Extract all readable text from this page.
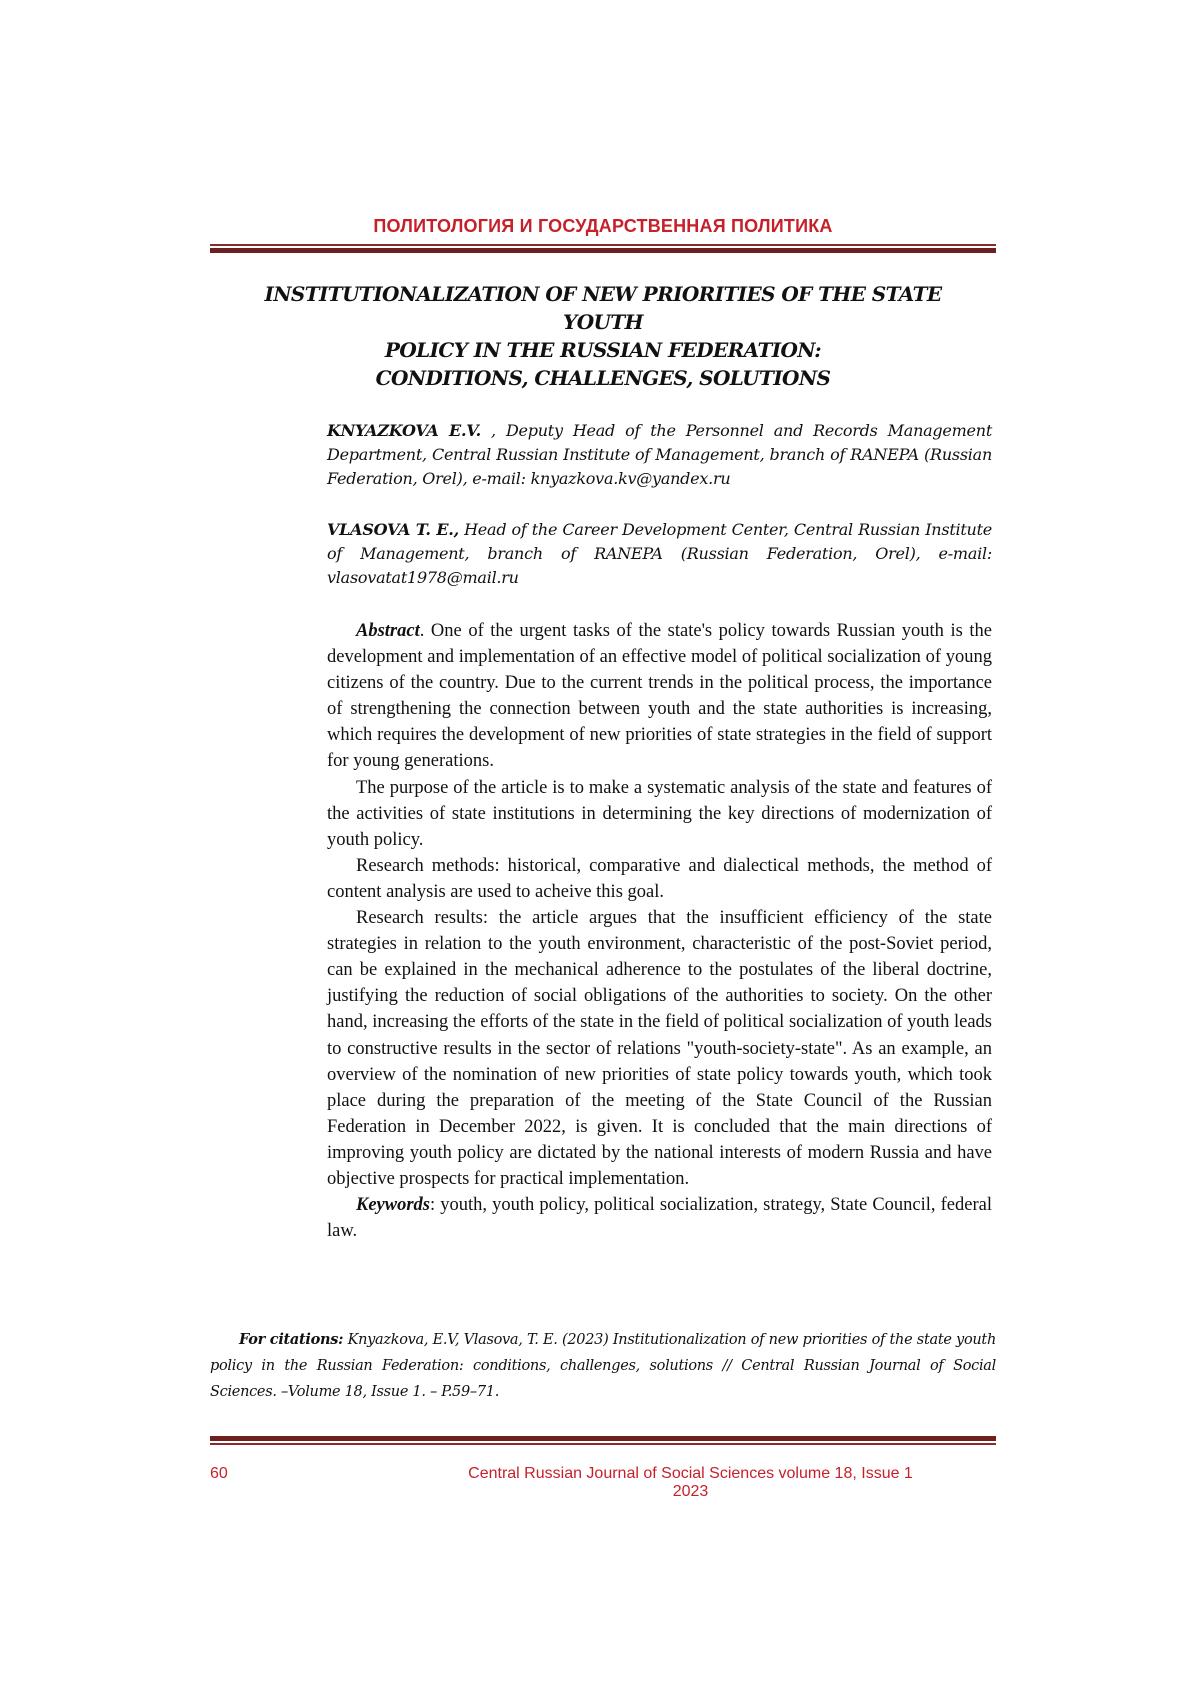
ПОЛИТОЛОГИЯ И ГОСУДАРСТВЕННАЯ ПОЛИТИКА
INSTITUTIONALIZATION OF NEW PRIORITIES OF THE STATE YOUTH
POLICY IN THE RUSSIAN FEDERATION:
CONDITIONS, CHALLENGES, SOLUTIONS

KNYAZKOVA E.V. , Deputy Head of the Personnel and Records Management Department, Central Russian Institute of Management, branch of RANEPA (Russian Federation, Orel), e-mail: knyazkova.kv@yandex.ru

VLASOVA T. E., Head of the Career Development Center, Central Russian Institute of Management, branch of RANEPA (Russian Federation, Orel), e-mail: vlasovatat1978@mail.ru

Abstract. One of the urgent tasks of the state's policy towards Russian youth is the development and implementation of an effective model of political socialization of young citizens of the country. Due to the current trends in the political process, the importance of strengthening the connection between youth and the state authorities is increasing, which requires the development of new priorities of state strategies in the field of support for young generations.

The purpose of the article is to make a systematic analysis of the state and features of the activities of state institutions in determining the key directions of modernization of youth policy.

Research methods: historical, comparative and dialectical methods, the method of content analysis are used to acheive this goal.

Research results: the article argues that the insufficient efficiency of the state strategies in relation to the youth environment, characteristic of the post-Soviet period, can be explained in the mechanical adherence to the postulates of the liberal doctrine, justifying the reduction of social obligations of the authorities to society. On the other hand, increasing the efforts of the state in the field of political socialization of youth leads to constructive results in the sector of relations "youth-society-state". As an example, an overview of the nomination of new priorities of state policy towards youth, which took place during the preparation of the meeting of the State Council of the Russian Federation in December 2022, is given. It is concluded that the main directions of improving youth policy are dictated by the national interests of modern Russia and have objective prospects for practical implementation.

Keywords: youth, youth policy, political socialization, strategy, State Council, federal law.

For citations: Knyazkova, E.V, Vlasova, T. E. (2023) Institutionalization of new priorities of the state youth policy in the Russian Federation: conditions, challenges, solutions // Central Russian Journal of Social Sciences. –Volume 18, Issue 1. – P.59–71.

60	Central Russian Journal of Social Sciences volume 18, Issue 1 2023
